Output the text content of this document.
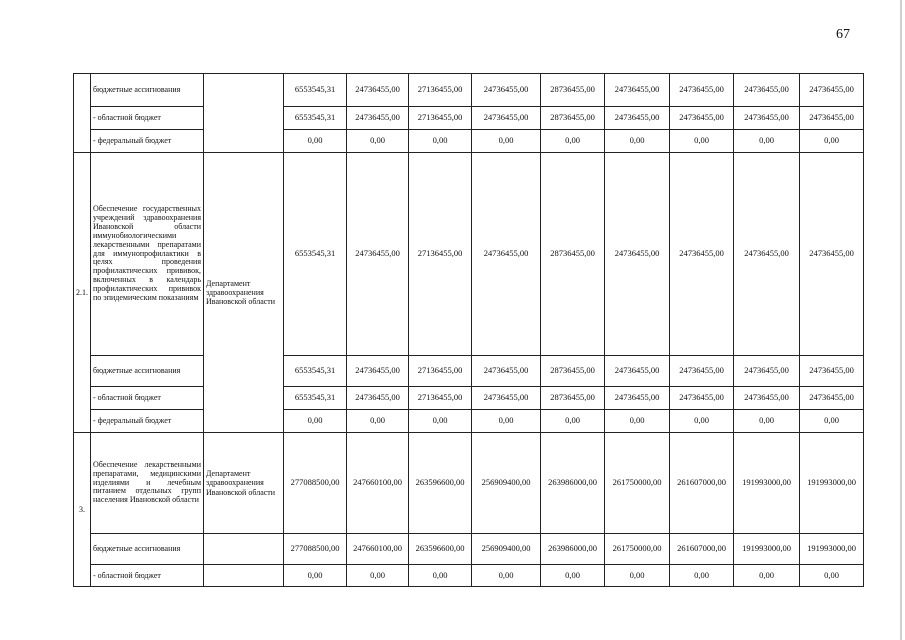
67
	бюджетные ассигнования		6553545,31	24736455,00	27136455,00	24736455,00	28736455,00	24736455,00	24736455,00	24736455,00	24736455,00
	- областной бюджет		6553545,31	24736455,00	27136455,00	24736455,00	28736455,00	24736455,00	24736455,00	24736455,00	24736455,00
	- федеральный бюджет		0,00	0,00	0,00	0,00	0,00	0,00	0,00	0,00	0,00
2.1.	Обеспечение государственных учреждений здравоохранения Ивановской области иммунобиологическими лекарственными препаратами для иммунопрофилактики в целях проведения профилактических прививок, включенных в календарь профилактических прививок по эпидемическим показаниям	Департамент здравоохранения Ивановской области	6553545,31	24736455,00	27136455,00	24736455,00	28736455,00	24736455,00	24736455,00	24736455,00	24736455,00
	бюджетные ассигнования		6553545,31	24736455,00	27136455,00	24736455,00	28736455,00	24736455,00	24736455,00	24736455,00	24736455,00
	- областной бюджет		6553545,31	24736455,00	27136455,00	24736455,00	28736455,00	24736455,00	24736455,00	24736455,00	24736455,00
	- федеральный бюджет		0,00	0,00	0,00	0,00	0,00	0,00	0,00	0,00	0,00
3.	Обеспечение лекарственными препаратами, медицинскими изделиями и лечебным питанием отдельных групп населения Ивановской области	Департамент здравоохранения Ивановской области	277088500,00	247660100,00	263596600,00	256909400,00	263986000,00	261750000,00	261607000,00	191993000,00	191993000,00
	бюджетные ассигнования		277088500,00	247660100,00	263596600,00	256909400,00	263986000,00	261750000,00	261607000,00	191993000,00	191993000,00
	- областной бюджет		0,00	0,00	0,00	0,00	0,00	0,00	0,00	0,00	0,00
